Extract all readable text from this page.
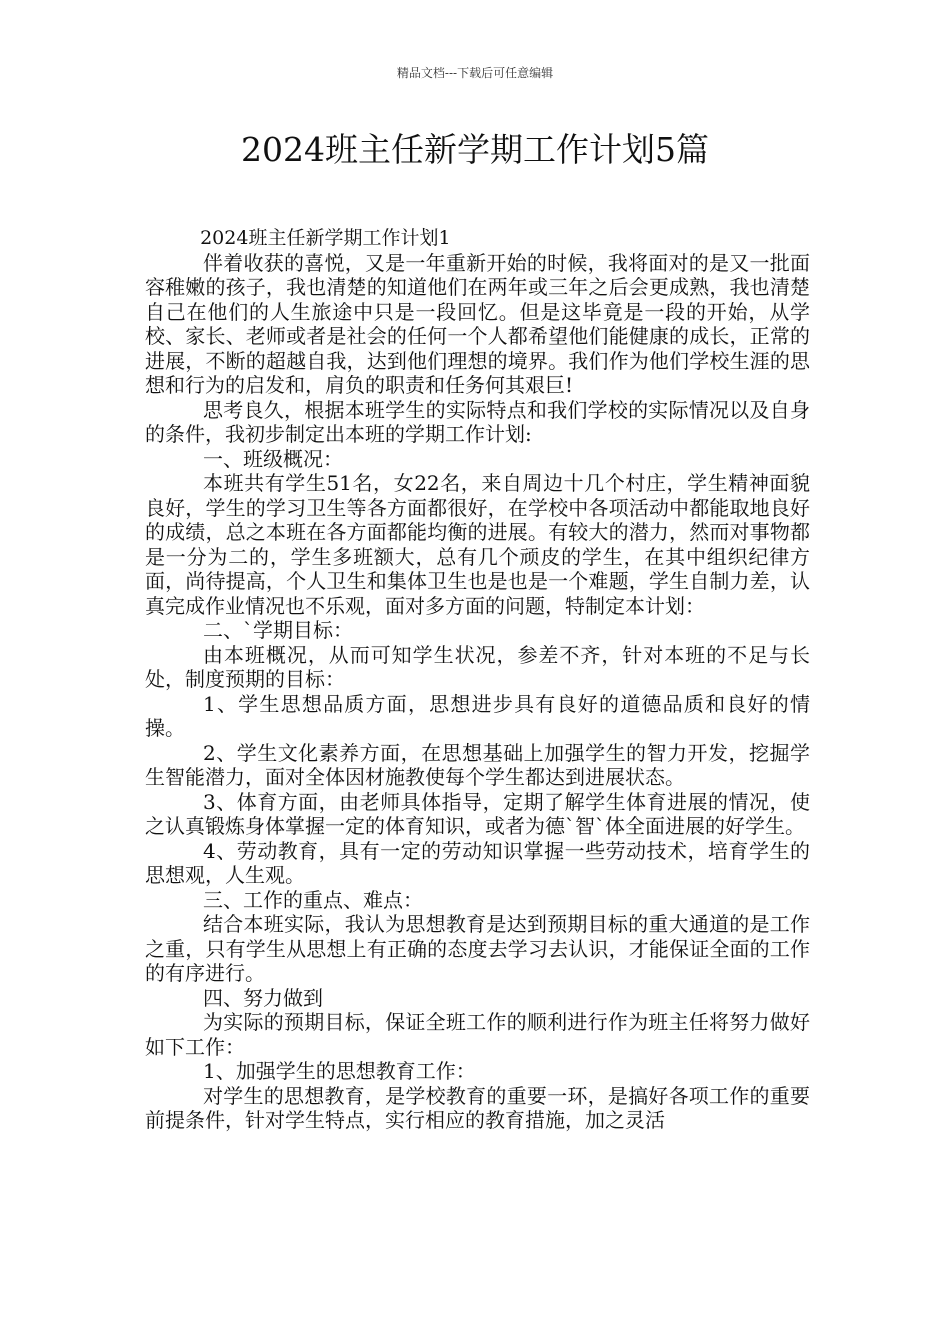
精品文档---下载后可任意编辑
2024班主任新学期工作计划5篇

2024班主任新学期工作计划1

伴着收获的喜悦，又是一年重新开始的时候，我将面对的是又一批面容稚嫩的孩子，我也清楚的知道他们在两年或三年之后会更成熟，我也清楚自己在他们的人生旅途中只是一段回忆。但是这毕竟是一段的开始，从学校、家长、老师或者是社会的任何一个人都希望他们能健康的成长，正常的进展，不断的超越自我，达到他们理想的境界。我们作为他们学校生涯的思想和行为的启发和，肩负的职责和任务何其艰巨!

思考良久，根据本班学生的实际特点和我们学校的实际情况以及自身的条件，我初步制定出本班的学期工作计划:

一、班级概况：

本班共有学生51名，女22名，来自周边十几个村庄，学生精神面貌良好，学生的学习卫生等各方面都很好，在学校中各项活动中都能取地良好的成绩，总之本班在各方面都能均衡的进展。有较大的潜力，然而对事物都是一分为二的，学生多班额大，总有几个顽皮的学生，在其中组织纪律方面，尚待提高，个人卫生和集体卫生也是也是一个难题，学生自制力差，认真完成作业情况也不乐观，面对多方面的问题，特制定本计划：

二、`学期目标：

由本班概况，从而可知学生状况，参差不齐，针对本班的不足与长处，制度预期的目标：

1、学生思想品质方面，思想进步具有良好的道德品质和良好的情操。

2、学生文化素养方面，在思想基础上加强学生的智力开发，挖掘学生智能潜力，面对全体因材施教使每个学生都达到进展状态。

3、体育方面，由老师具体指导，定期了解学生体育进展的情况，使之认真锻炼身体掌握一定的体育知识，或者为德`智`体全面进展的好学生。

4、劳动教育，具有一定的劳动知识掌握一些劳动技术，培育学生的思想观，人生观。

三、工作的重点、难点：

结合本班实际，我认为思想教育是达到预期目标的重大通道的是工作之重，只有学生从思想上有正确的态度去学习去认识，才能保证全面的工作的有序进行。

四、努力做到

为实际的预期目标，保证全班工作的顺利进行作为班主任将努力做好如下工作：

1、加强学生的思想教育工作：

对学生的思想教育，是学校教育的重要一环，是搞好各项工作的重要前提条件，针对学生特点，实行相应的教育措施，加之灵活
